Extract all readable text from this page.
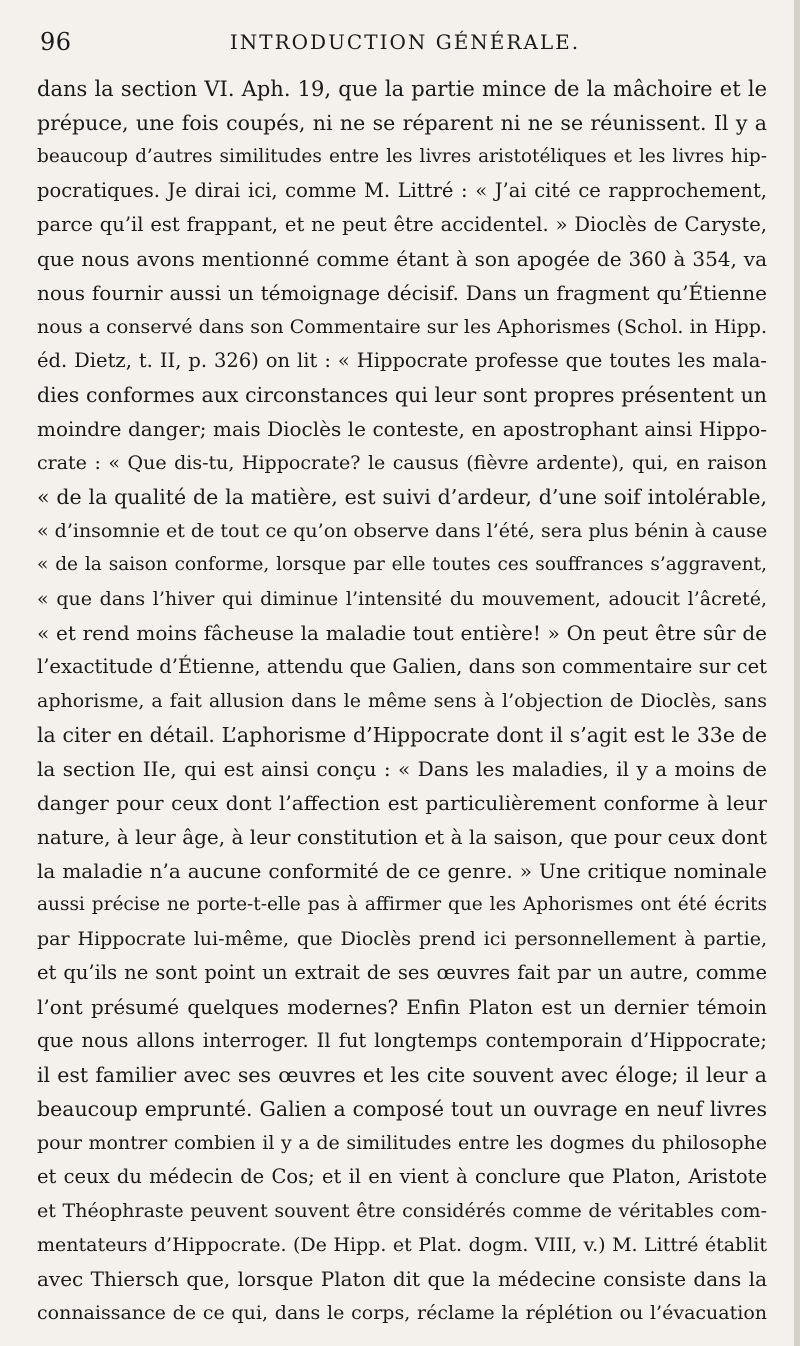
96	INTRODUCTION GÉNÉRALE.
dans la section VI. Aph. 19, que la partie mince de la mâchoire et le
prépuce, une fois coupés, ni ne se réparent ni ne se réunissent. Il y a
beaucoup d’autres similitudes entre les livres aristotéliques et les livres hip-
pocratiques. Je dirai ici, comme M. Littré : « J’ai cité ce rapprochement,
parce qu’il est frappant, et ne peut être accidentel. » Dioclès de Caryste,
que nous avons mentionné comme étant à son apogée de 360 à 354, va
nous fournir aussi un témoignage décisif. Dans un fragment qu’Étienne
nous a conservé dans son Commentaire sur les Aphorismes (Schol. in Hipp.
éd. Dietz, t. II, p. 326) on lit : « Hippocrate professe que toutes les mala-
dies conformes aux circonstances qui leur sont propres présentent un
moindre danger; mais Dioclès le conteste, en apostrophant ainsi Hippo-
crate : « Que dis-tu, Hippocrate? le causus (fièvre ardente), qui, en raison
« de la qualité de la matière, est suivi d’ardeur, d’une soif intolérable,
« d’insomnie et de tout ce qu’on observe dans l’été, sera plus bénin à cause
« de la saison conforme, lorsque par elle toutes ces souffrances s’aggravent,
« que dans l’hiver qui diminue l’intensité du mouvement, adoucit l’âcreté,
« et rend moins fâcheuse la maladie tout entière! » On peut être sûr de
l’exactitude d’Étienne, attendu que Galien, dans son commentaire sur cet
aphorisme, a fait allusion dans le même sens à l’objection de Dioclès, sans
la citer en détail. L’aphorisme d’Hippocrate dont il s’agit est le 33e de
la section IIe, qui est ainsi conçu : « Dans les maladies, il y a moins de
danger pour ceux dont l’affection est particulièrement conforme à leur
nature, à leur âge, à leur constitution et à la saison, que pour ceux dont
la maladie n’a aucune conformité de ce genre. » Une critique nominale
aussi précise ne porte-t-elle pas à affirmer que les Aphorismes ont été écrits
par Hippocrate lui-même, que Dioclès prend ici personnellement à partie,
et qu’ils ne sont point un extrait de ses œuvres fait par un autre, comme
l’ont présumé quelques modernes? Enfin Platon est un dernier témoin
que nous allons interroger. Il fut longtemps contemporain d’Hippocrate;
il est familier avec ses œuvres et les cite souvent avec éloge; il leur a
beaucoup emprunté. Galien a composé tout un ouvrage en neuf livres
pour montrer combien il y a de similitudes entre les dogmes du philosophe
et ceux du médecin de Cos; et il en vient à conclure que Platon, Aristote
et Théophraste peuvent souvent être considérés comme de véritables com-
mentateurs d’Hippocrate. (De Hipp. et Plat. dogm. VIII, v.) M. Littré établit
avec Thiersch que, lorsque Platon dit que la médecine consiste dans la
connaissance de ce qui, dans le corps, réclame la réplétion ou l’évacuation
